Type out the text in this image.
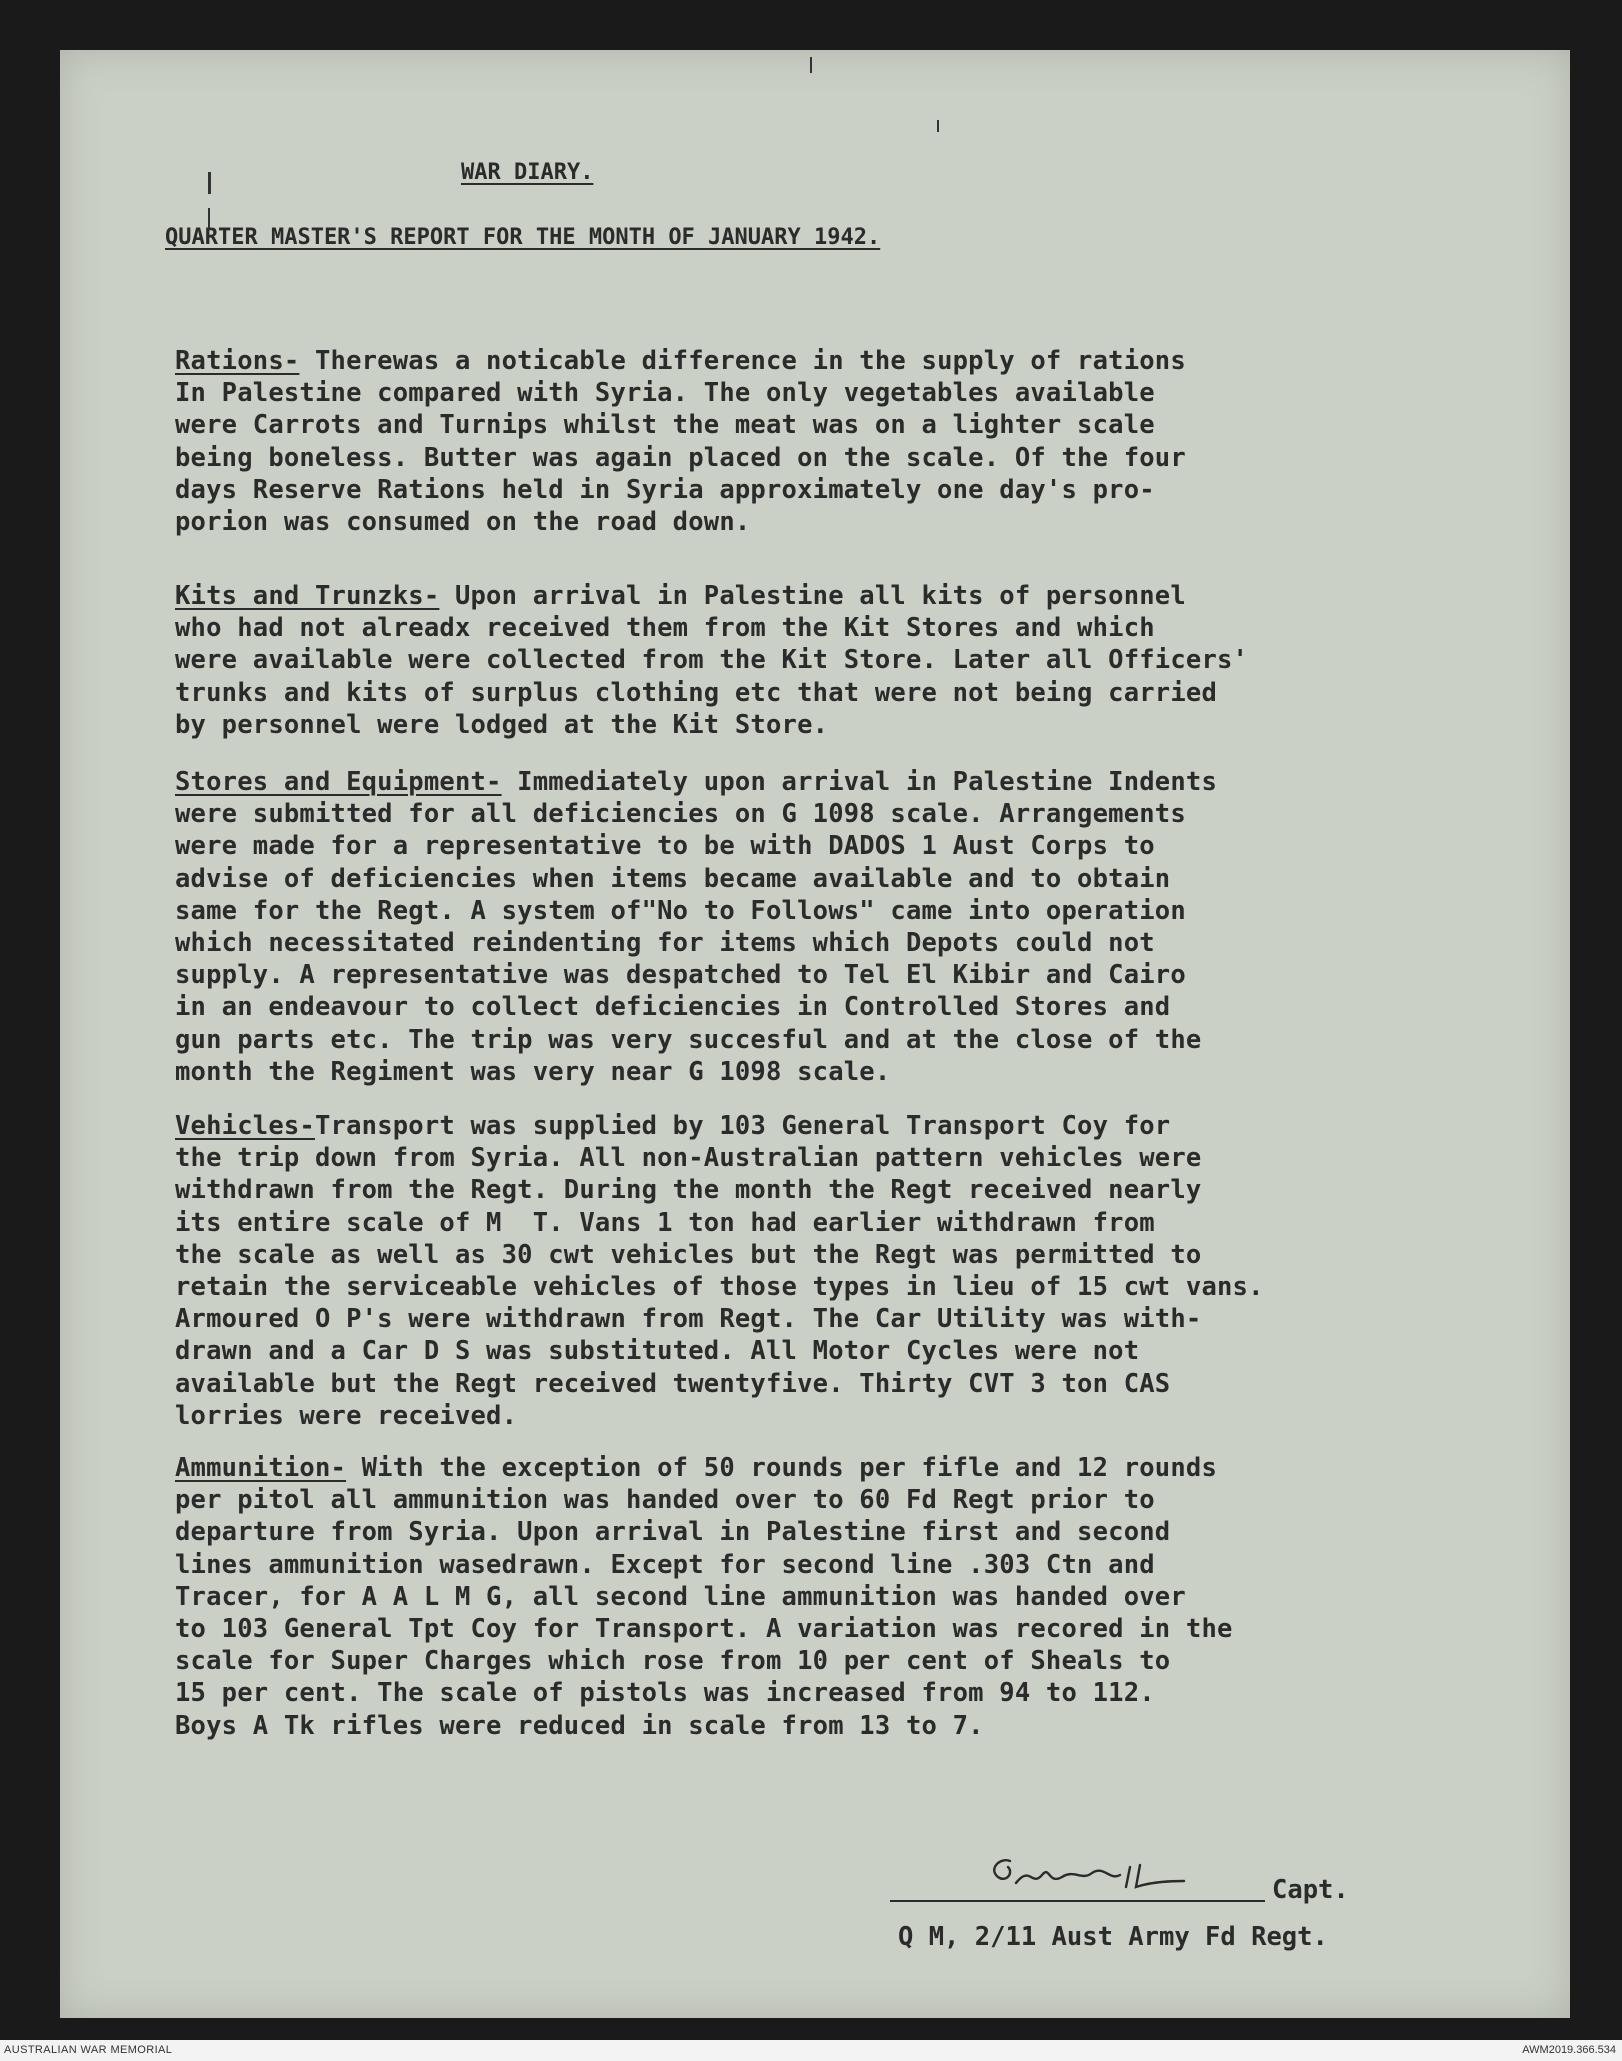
WAR DIARY.
QUARTER MASTER'S REPORT FOR THE MONTH OF JANUARY 1942.
Rations- Therewas a noticable difference in the supply of rations
In Palestine compared with Syria. The only vegetables available
were Carrots and Turnips whilst the meat was on a lighter scale
being boneless. Butter was again placed on the scale. Of the four
days Reserve Rations held in Syria approximately one day's pro-
porion was consumed on the road down.
Kits and Trunzks- Upon arrival in Palestine all kits of personnel
who had not alreadx received them from the Kit Stores and which
were available were collected from the Kit Store. Later all Officers'
trunks and kits of surplus clothing etc that were not being carried
by personnel were lodged at the Kit Store.
Stores and Equipment- Immediately upon arrival in Palestine Indents
were submitted for all deficiencies on G 1098 scale. Arrangements
were made for a representative to be with DADOS 1 Aust Corps to
advise of deficiencies when items became available and to obtain
same for the Regt. A system of"No to Follows" came into operation
which necessitated reindenting for items which Depots could not
supply. A representative was despatched to Tel El Kibir and Cairo
in an endeavour to collect deficiencies in Controlled Stores and
gun parts etc. The trip was very succesful and at the close of the
month the Regiment was very near G 1098 scale.
Vehicles-Transport was supplied by 103 General Transport Coy for
the trip down from Syria. All non-Australian pattern vehicles were
withdrawn from the Regt. During the month the Regt received nearly
its entire scale of M  T. Vans 1 ton had earlier withdrawn from
the scale as well as 30 cwt vehicles but the Regt was permitted to
retain the serviceable vehicles of those types in lieu of 15 cwt vans.
Armoured O P's were withdrawn from Regt. The Car Utility was with-
drawn and a Car D S was substituted. All Motor Cycles were not
available but the Regt received twentyfive. Thirty CVT 3 ton CAS
lorries were received.
Ammunition- With the exception of 50 rounds per fifle and 12 rounds
per pitol all ammunition was handed over to 60 Fd Regt prior to
departure from Syria. Upon arrival in Palestine first and second
lines ammunition wasedrawn. Except for second line .303 Ctn and
Tracer, for A A L M G, all second line ammunition was handed over
to 103 General Tpt Coy for Transport. A variation was recored in the
scale for Super Charges which rose from 10 per cent of Sheals to
15 per cent. The scale of pistols was increased from 94 to 112.
Boys A Tk rifles were reduced in scale from 13 to 7.
Capt.
Q M, 2/11 Aust Army Fd Regt.
AUSTRALIAN WAR MEMORIAL	AWM2019.366.534
